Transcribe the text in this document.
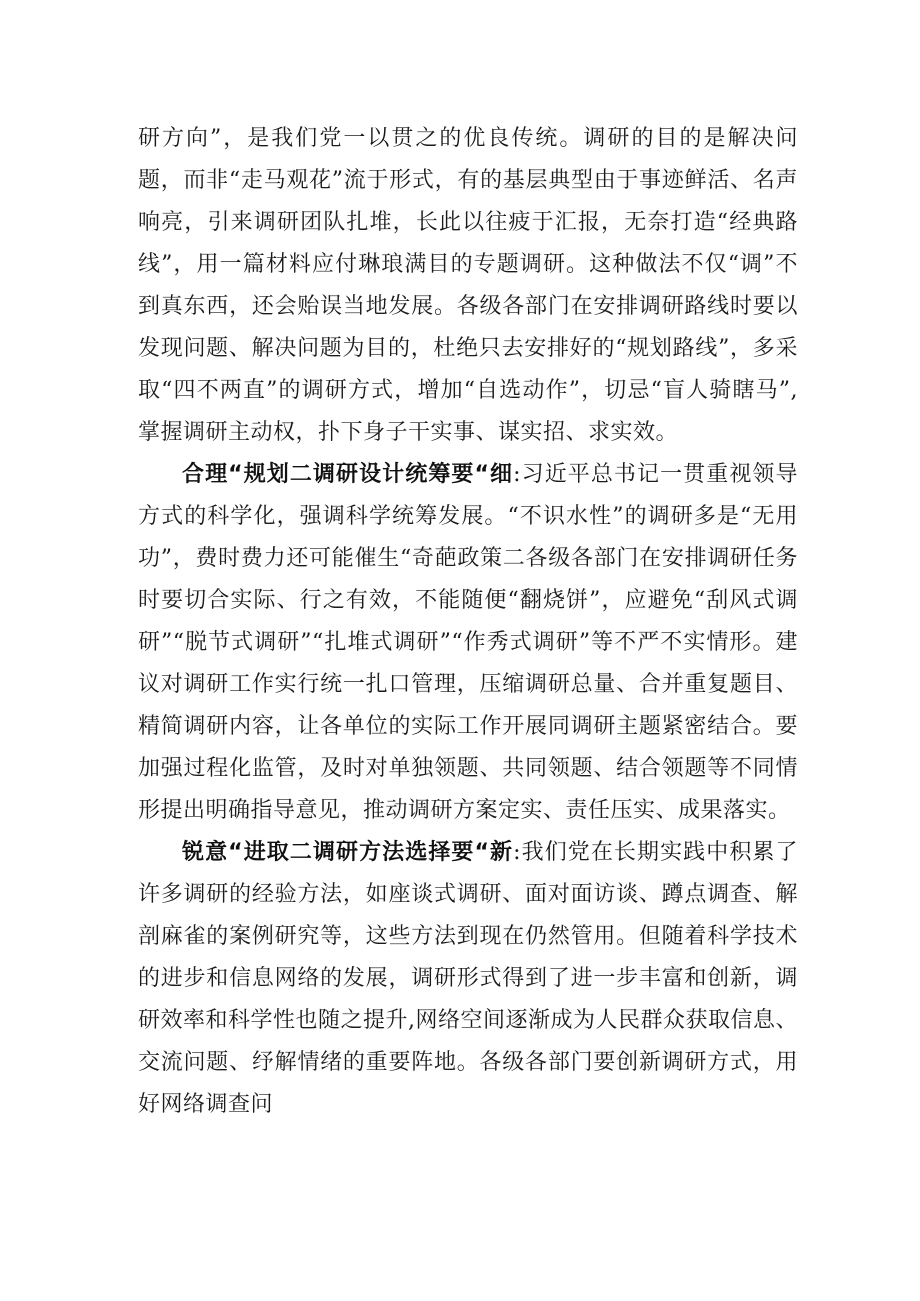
研方向”，是我们党一以贯之的优良传统。调研的目的是解决问题，而非“走马观花”流于形式，有的基层典型由于事迹鲜活、名声响亮，引来调研团队扎堆，长此以往疲于汇报，无奈打造“经典路线”，用一篇材料应付琳琅满目的专题调研。这种做法不仅“调”不到真东西，还会贻误当地发展。各级各部门在安排调研路线时要以发现问题、解决问题为目的，杜绝只去安排好的“规划路线”，多采取“四不两直”的调研方式，增加“自选动作”，切忌“盲人骑瞎马”,掌握调研主动权，扑下身子干实事、谋实招、求实效。

合理“规划二调研设计统筹要“细:习近平总书记一贯重视领导方式的科学化，强调科学统筹发展。“不识水性”的调研多是“无用功”，费时费力还可能催生“奇葩政策二各级各部门在安排调研任务时要切合实际、行之有效，不能随便“翻烧饼”，应避免“刮风式调研”“脱节式调研”“扎堆式调研”“作秀式调研”等不严不实情形。建议对调研工作实行统一扎口管理，压缩调研总量、合并重复题目、精简调研内容，让各单位的实际工作开展同调研主题紧密结合。要加强过程化监管，及时对单独领题、共同领题、结合领题等不同情形提出明确指导意见，推动调研方案定实、责任压实、成果落实。

锐意“进取二调研方法选择要“新:我们党在长期实践中积累了许多调研的经验方法，如座谈式调研、面对面访谈、蹲点调查、解剖麻雀的案例研究等，这些方法到现在仍然管用。但随着科学技术的进步和信息网络的发展，调研形式得到了进一步丰富和创新，调研效率和科学性也随之提升,网络空间逐渐成为人民群众获取信息、交流问题、纾解情绪的重要阵地。各级各部门要创新调研方式，用好网络调查问
